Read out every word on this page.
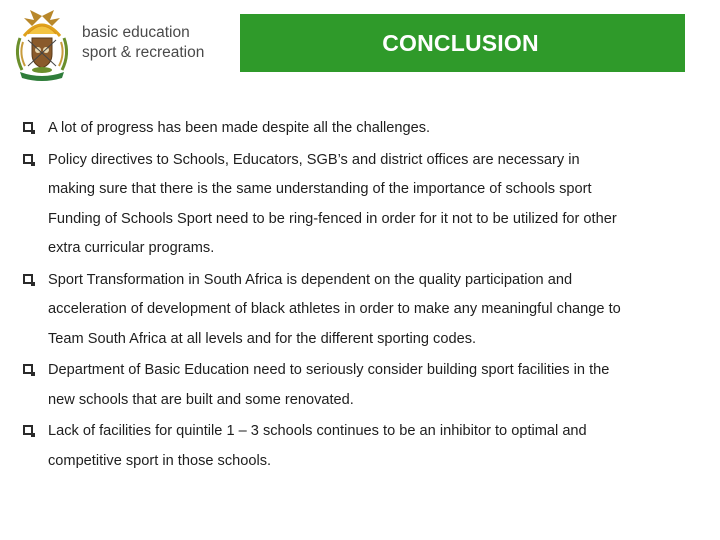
basic education
sport & recreation	CONCLUSION
A lot of progress has been made despite all the challenges.
Policy directives to Schools, Educators, SGB’s and district offices are necessary in
making sure that there is the same understanding of the importance of schools sport
Funding of Schools Sport need to be ring-fenced in order for it not to be utilized for other
extra curricular programs.
Sport Transformation in South Africa is dependent on the quality participation and
acceleration of development of black athletes in order to make any meaningful change to
Team South Africa at all levels and for the different sporting codes.
Department of Basic Education need to seriously consider building sport facilities in the
new schools that are built and some renovated.
Lack of facilities for quintile 1 – 3 schools continues to be an inhibitor to optimal and
competitive sport in those schools.
